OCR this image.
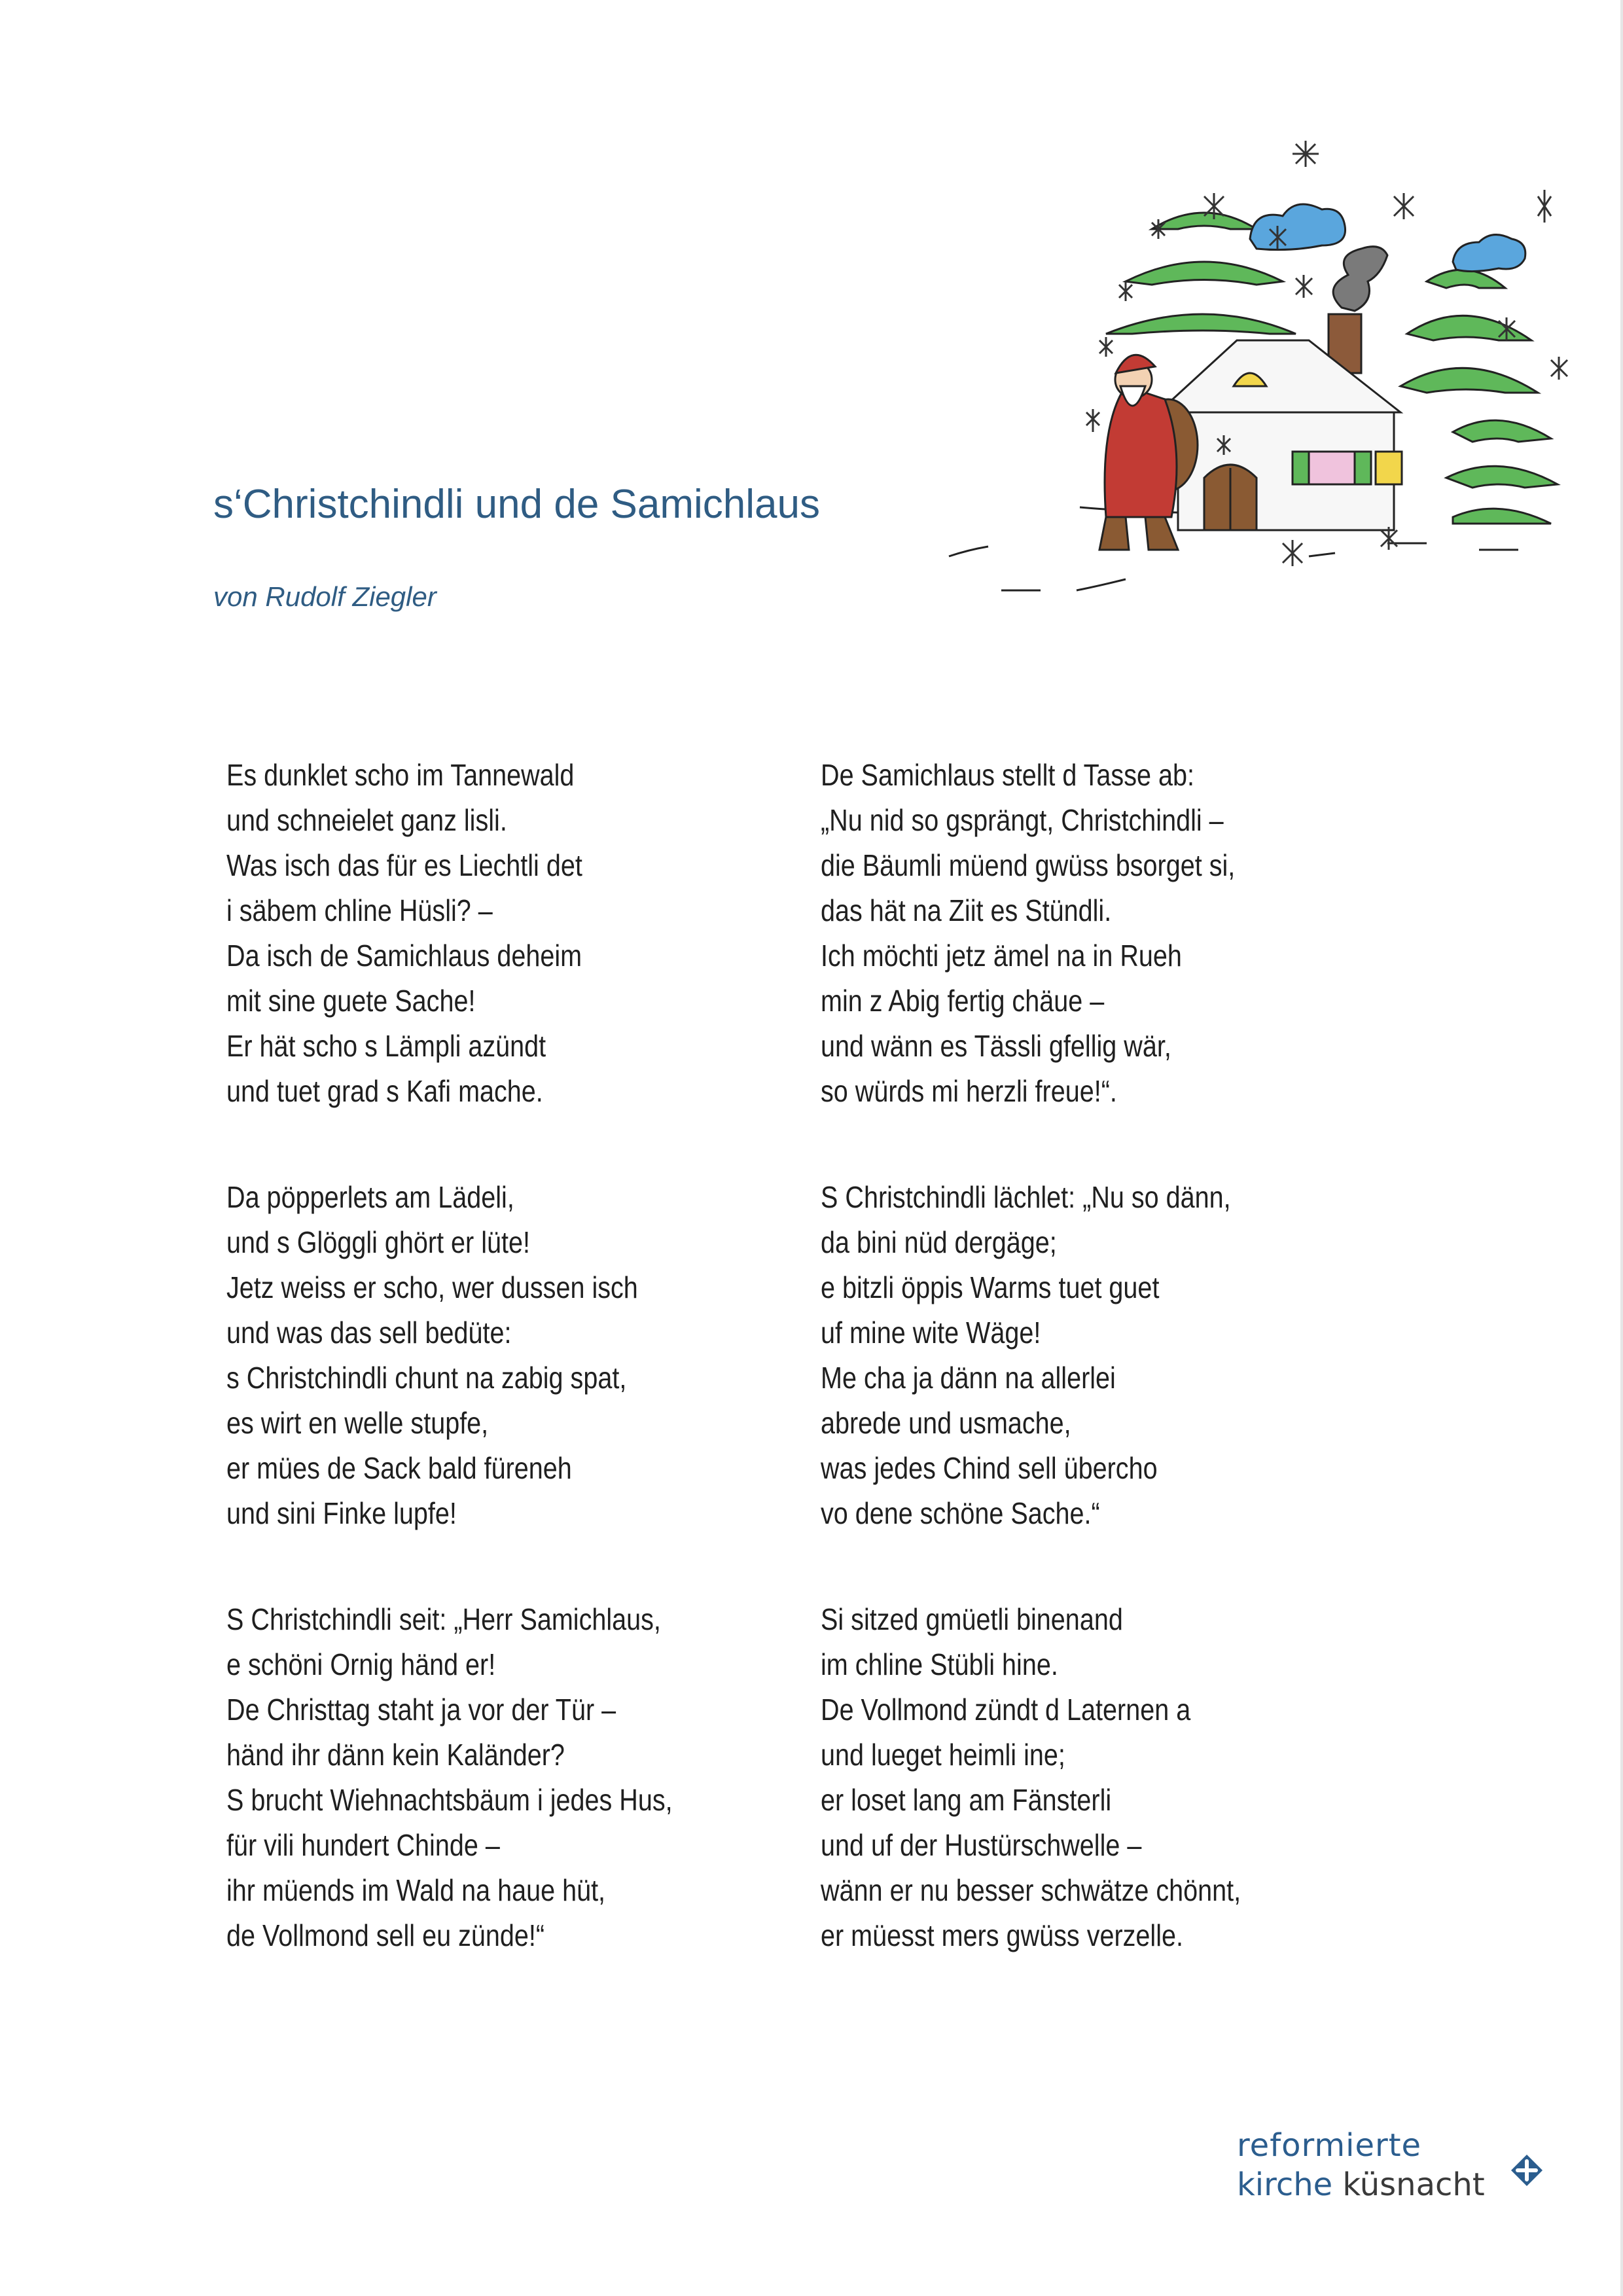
s‘Christchindli und de Samichlaus
von Rudolf Ziegler
Es dunklet scho im Tannewald
und schneielet ganz lisli.
Was isch das für es Liechtli det
i säbem chline Hüsli? –
Da isch de Samichlaus deheim
mit sine guete Sache!
Er hät scho s Lämpli azündt
und tuet grad s Kafi mache.
Da pöpperlets am Lädeli,
und s Glöggli ghört er lüte!
Jetz weiss er scho, wer dussen isch
und was das sell bedüte:
s Christchindli chunt na zabig spat,
es wirt en welle stupfe,
er mües de Sack bald füreneh
und sini Finke lupfe!
S Christchindli seit: „Herr Samichlaus,
e schöni Ornig händ er!
De Christtag staht ja vor der Tür –
händ ihr dänn kein Kaländer?
S brucht Wiehnachtsbäum i jedes Hus,
für vili hundert Chinde –
ihr müends im Wald na haue hüt,
de Vollmond sell eu zünde!“
De Samichlaus stellt d Tasse ab:
„Nu nid so gsprängt, Christchindli –
die Bäumli müend gwüss bsorget si,
das hät na Ziit es Stündli.
Ich möchti jetz ämel na in Rueh
min z Abig fertig chäue –
und wänn es Tässli gfellig wär,
so würds mi herzli freue!“.
S Christchindli lächlet: „Nu so dänn,
da bini nüd dergäge;
e bitzli öppis Warms tuet guet
uf mine wite Wäge!
Me cha ja dänn na allerlei
abrede und usmache,
was jedes Chind sell übercho
vo dene schöne Sache.“
Si sitzed gmüetli binenand
im chline Stübli hine.
De Vollmond zündt d Laternen a
und lueget heimli ine;
er loset lang am Fänsterli
und uf der Hustürschwelle –
wänn er nu besser schwätze chönnt,
er müesst mers gwüss verzelle.
reformierte
kirche küsnacht
